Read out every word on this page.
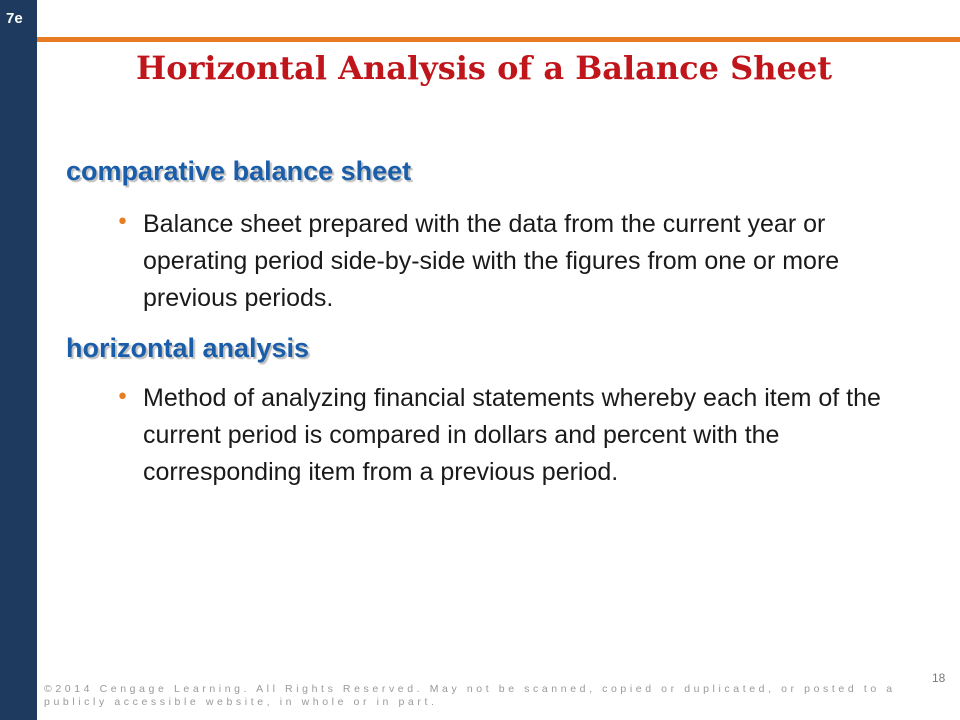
7e
Horizontal Analysis of a Balance Sheet
comparative balance sheet
• Balance sheet prepared with the data from the current year or operating period side-by-side with the figures from one or more previous periods.

horizontal analysis
• Method of analyzing financial statements whereby each item of the current period is compared in dollars and percent with the corresponding item from a previous period.

©2014 Cengage Learning. All Rights Reserved. May not be scanned, copied or duplicated, or posted to a publicly accessible website, in whole or in part.
18
